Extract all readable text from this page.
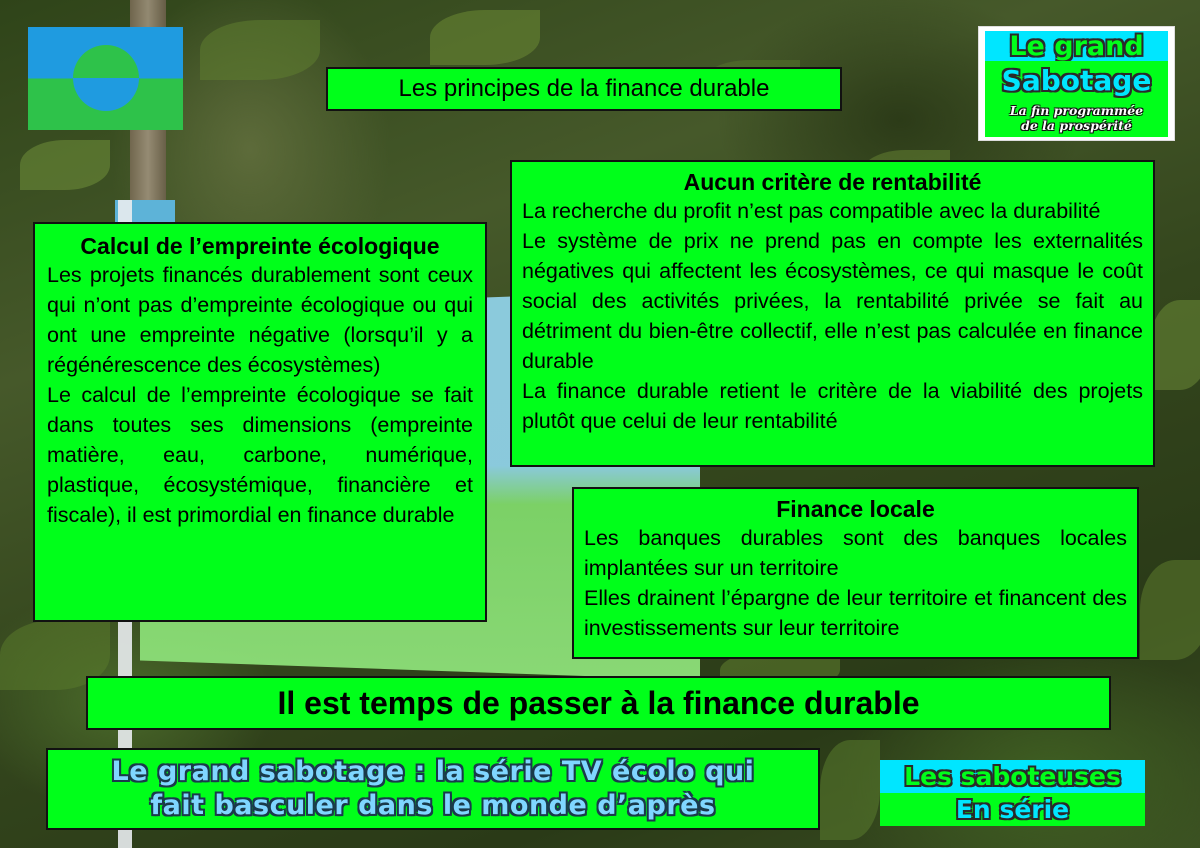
Les principes de la finance durable
Le grand
Sabotage
La fin programmée
de la prospérité
Calcul de l’empreinte écologique

Les projets financés durablement sont ceux qui n’ont pas d’empreinte écologique ou qui ont une empreinte négative (lorsqu’il y a régénérescence des écosystèmes)

Le calcul de l’empreinte écologique se fait dans toutes ses dimensions (empreinte matière, eau, carbone, numérique, plastique, écosystémique, financière et fiscale), il est primordial en finance durable

Aucun critère de rentabilité

La recherche du profit n’est pas compatible avec la durabilité

Le système de prix ne prend pas en compte les externalités négatives qui affectent les écosystèmes, ce qui masque le coût social des activités privées, la rentabilité privée se fait au détriment du bien-être collectif, elle n’est pas calculée en finance durable

La finance durable retient le critère de la viabilité des projets plutôt que celui de leur rentabilité

Finance locale

Les banques durables sont des banques locales implantées sur un territoire

Elles drainent l’épargne de leur territoire et financent des investissements sur leur territoire

Il est temps de passer à la finance durable
Le grand sabotage : la série TV écolo qui
fait basculer dans le monde d’après
Les saboteuses
En série
